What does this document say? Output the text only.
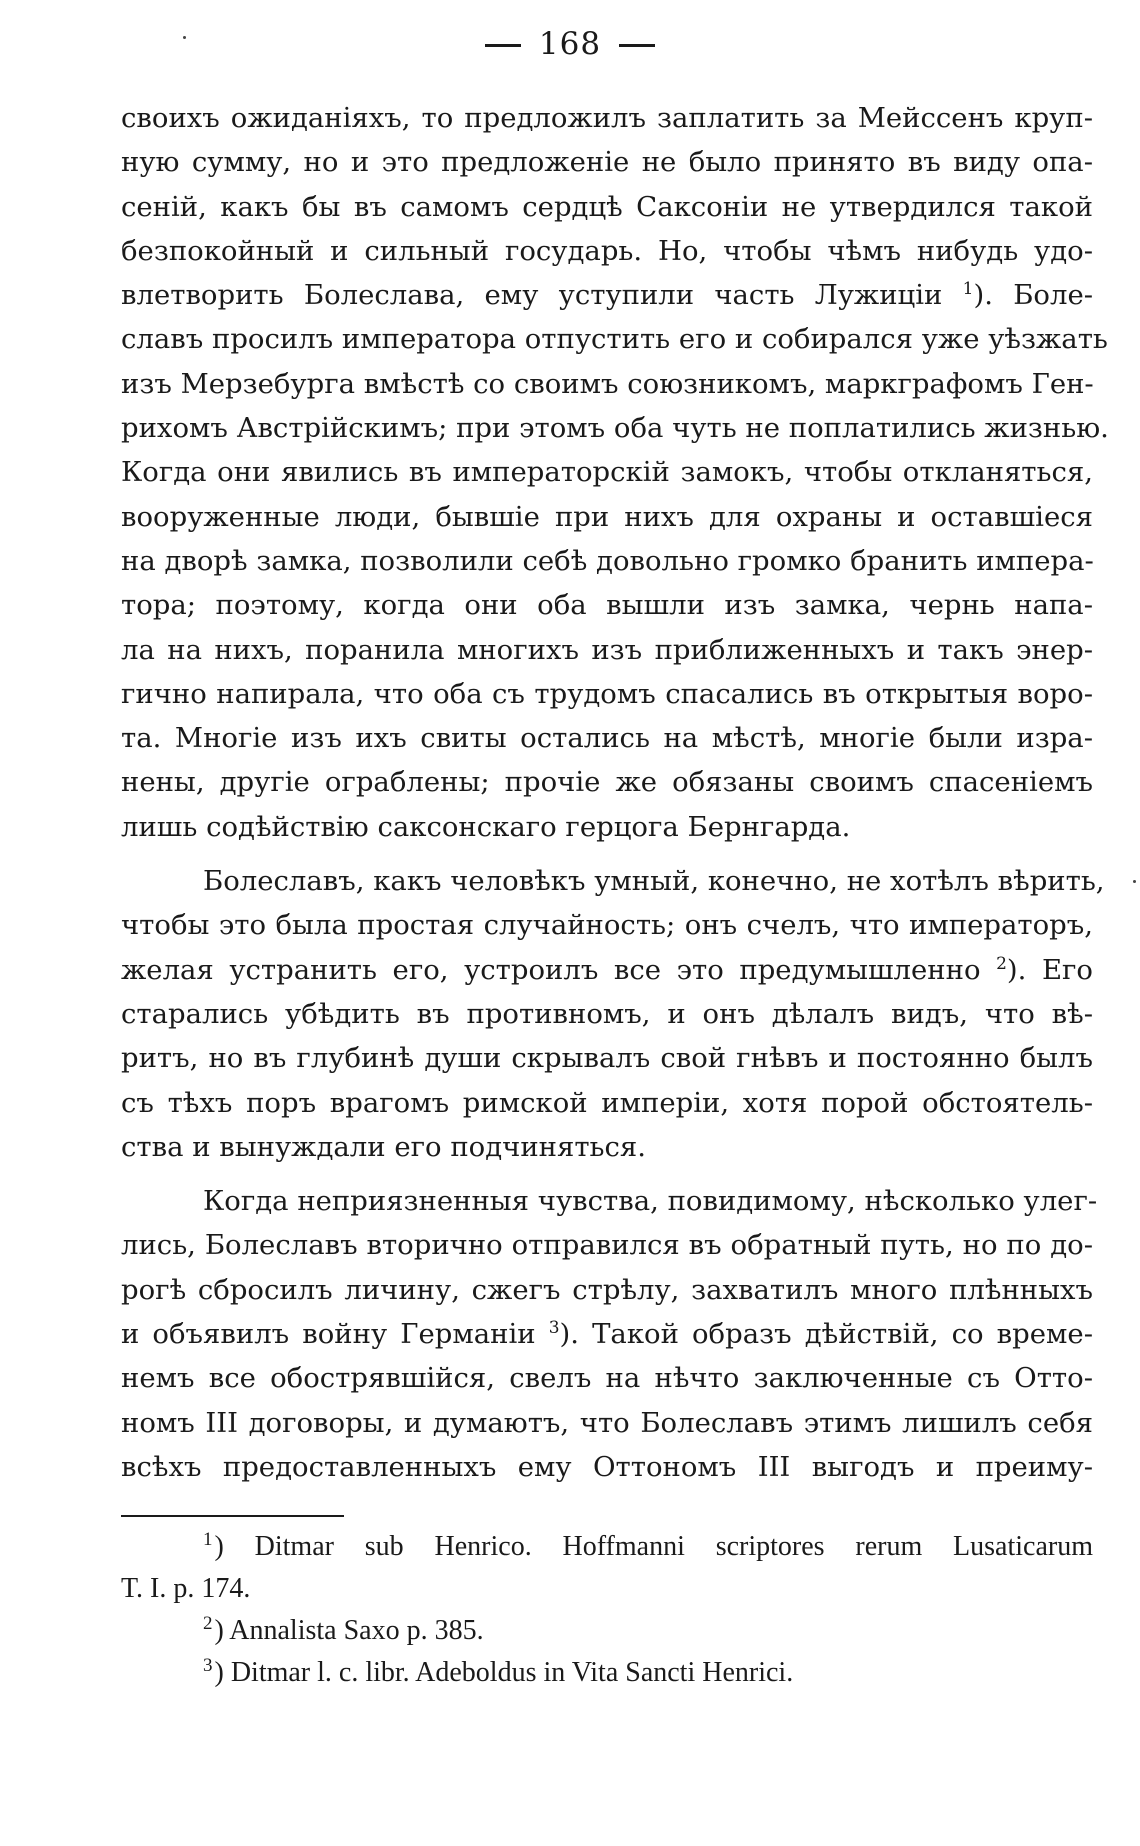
168
своихъ ожиданiяхъ, то предложилъ заплатить за Мейссенъ круп-
ную сумму, но и это предложенiе не было принято въ виду опа-
сенiй, какъ бы въ самомъ сердцѣ Саксонiи не утвердился такой
безпокойный и сильный государь. Но, чтобы чѣмъ нибудь удо-
влетворить Болеслава, ему уступили часть Лужицiи $^1$). Боле-
славъ просилъ императора отпустить его и собирался уже уѣзжать
изъ Мерзебурга вмѣстѣ со своимъ союзникомъ, маркграфомъ Ген-
рихомъ Австрiйскимъ; при этомъ оба чуть не поплатились жизнью.
Когда они явились въ императорскiй замокъ, чтобы откланяться,
вооруженные люди, бывшiе при нихъ для охраны и оставшiеся
на дворѣ замка, позволили себѣ довольно громко бранить импера-
тора; поэтому, когда они оба вышли изъ замка, чернь напа-
ла на нихъ, поранила многихъ изъ приближенныхъ и такъ энер-
гично напирала, что оба съ трудомъ спасались въ открытыя воро-
та. Многiе изъ ихъ свиты остались на мѣстѣ, многiе были изра-
нены, другiе ограблены; прочiе же обязаны своимъ спасенiемъ
лишь содѣйствiю саксонскаго герцога Бернгарда.
Болеславъ, какъ человѣкъ умный, конечно, не хотѣлъ вѣрить,
чтобы это была простая случайность; онъ счелъ, что императоръ,
желая устранить его, устроилъ все это предумышленно $^2$). Его
старались убѣдить въ противномъ, и онъ дѣлалъ видъ, что вѣ-
ритъ, но въ глубинѣ души скрывалъ свой гнѣвъ и постоянно былъ
съ тѣхъ поръ врагомъ римской имперiи, хотя порой обстоятель-
ства и вынуждали его подчиняться.
Когда неприязненныя чувства, повидимому, нѣсколько улег-
лись, Болеславъ вторично отправился въ обратный путь, но по до-
рогѣ сбросилъ личину, сжегъ стрѣлу, захватилъ много плѣнныхъ
и объявилъ войну Германiи $^3$). Такой образъ дѣйствiй, со време-
немъ все обострявшiйся, свелъ на нѣчто заключенные съ Отто-
номъ III договоры, и думаютъ, что Болеславъ этимъ лишилъ себя
всѣхъ предоставленныхъ ему Оттономъ III выгодъ и преиму-
$^1$) Ditmar sub Henrico. Hoffmanni scriptores rerum Lusaticarum
T. I. p. 174.
$^2$) Annalista Saxo p. 385.
$^3$) Ditmar l. c. libr. Adeboldus in Vita Sancti Henrici.
